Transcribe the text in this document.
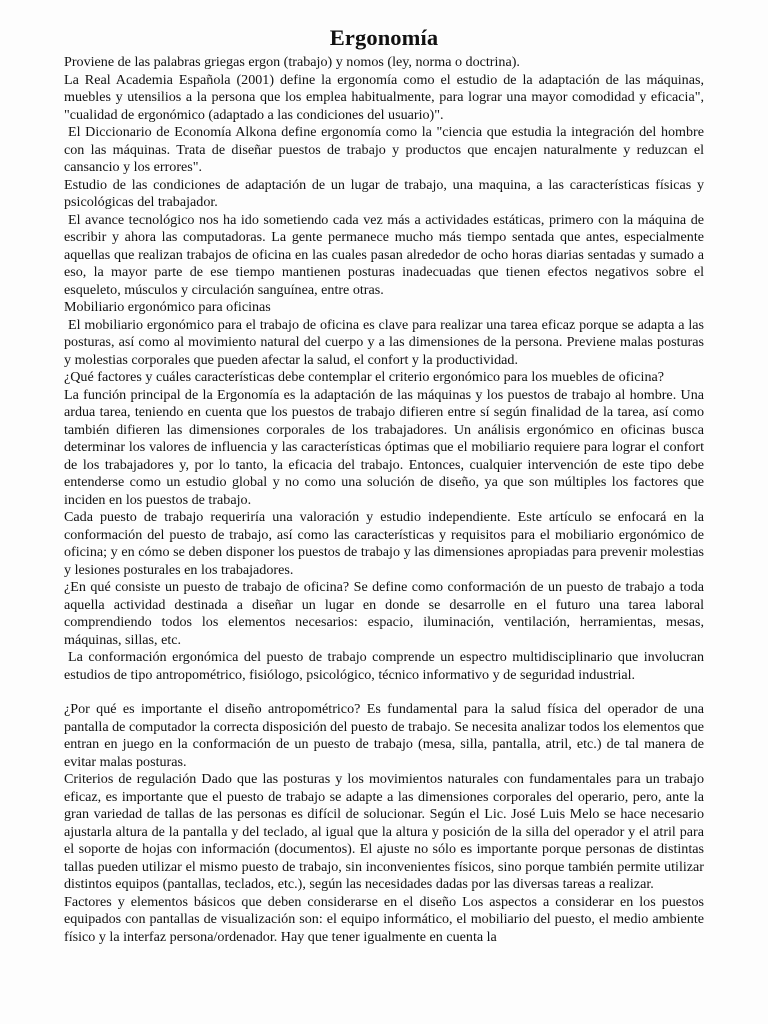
Ergonomía

Proviene de las palabras griegas ergon (trabajo) y nomos (ley, norma o doctrina).

La Real Academia Española (2001) define la ergonomía como el estudio de la adaptación de las máquinas, muebles y utensilios a la persona que los emplea habitualmente, para lograr una mayor comodidad y eficacia", "cualidad de ergonómico (adaptado a las condiciones del usuario)".

El Diccionario de Economía Alkona define ergonomía como la "ciencia que estudia la integración del hombre con las máquinas. Trata de diseñar puestos de trabajo y productos que encajen naturalmente y reduzcan el cansancio y los errores".

Estudio de las condiciones de adaptación de un lugar de trabajo, una maquina, a las características físicas y psicológicas del trabajador.

El avance tecnológico nos ha ido sometiendo cada vez más a actividades estáticas, primero con la máquina de escribir y ahora las computadoras. La gente permanece mucho más tiempo sentada que antes, especialmente aquellas que realizan trabajos de oficina en las cuales pasan alrededor de ocho horas diarias sentadas y sumado a eso, la mayor parte de ese tiempo mantienen posturas inadecuadas que tienen efectos negativos sobre el esqueleto, músculos y circulación sanguínea, entre otras.

Mobiliario ergonómico para oficinas

El mobiliario ergonómico para el trabajo de oficina es clave para realizar una tarea eficaz porque se adapta a las posturas, así como al movimiento natural del cuerpo y a las dimensiones de la persona. Previene malas posturas y molestias corporales que pueden afectar la salud, el confort y la productividad.

¿Qué factores y cuáles características debe contemplar el criterio ergonómico para los muebles de oficina?

La función principal de la Ergonomía es la adaptación de las máquinas y los puestos de trabajo al hombre. Una ardua tarea, teniendo en cuenta que los puestos de trabajo difieren entre sí según finalidad de la tarea, así como también difieren las dimensiones corporales de los trabajadores. Un análisis ergonómico en oficinas busca determinar los valores de influencia y las características óptimas que el mobiliario requiere para lograr el confort de los trabajadores y, por lo tanto, la eficacia del trabajo. Entonces, cualquier intervención de este tipo debe entenderse como un estudio global y no como una solución de diseño, ya que son múltiples los factores que inciden en los puestos de trabajo.

Cada puesto de trabajo requeriría una valoración y estudio independiente. Este artículo se enfocará en la conformación del puesto de trabajo, así como las características y requisitos para el mobiliario ergonómico de oficina; y en cómo se deben disponer los puestos de trabajo y las dimensiones apropiadas para prevenir molestias y lesiones posturales en los trabajadores.

¿En qué consiste un puesto de trabajo de oficina? Se define como conformación de un puesto de trabajo a toda aquella actividad destinada a diseñar un lugar en donde se desarrolle en el futuro una tarea laboral comprendiendo todos los elementos necesarios: espacio, iluminación, ventilación, herramientas, mesas, máquinas, sillas, etc.

La conformación ergonómica del puesto de trabajo comprende un espectro multidisciplinario que involucran estudios de tipo antropométrico, fisiólogo, psicológico, técnico informativo y de seguridad industrial.

¿Por qué es importante el diseño antropométrico? Es fundamental para la salud física del operador de una pantalla de computador la correcta disposición del puesto de trabajo. Se necesita analizar todos los elementos que entran en juego en la conformación de un puesto de trabajo (mesa, silla, pantalla, atril, etc.) de tal manera de evitar malas posturas.

Criterios de regulación Dado que las posturas y los movimientos naturales con fundamentales para un trabajo eficaz, es importante que el puesto de trabajo se adapte a las dimensiones corporales del operario, pero, ante la gran variedad de tallas de las personas es difícil de solucionar. Según el Lic. José Luis Melo se hace necesario ajustarla altura de la pantalla y del teclado, al igual que la altura y posición de la silla del operador y el atril para el soporte de hojas con información (documentos). El ajuste no sólo es importante porque personas de distintas tallas pueden utilizar el mismo puesto de trabajo, sin inconvenientes físicos, sino porque también permite utilizar distintos equipos (pantallas, teclados, etc.), según las necesidades dadas por las diversas tareas a realizar.

Factores y elementos básicos que deben considerarse en el diseño Los aspectos a considerar en los puestos equipados con pantallas de visualización son: el equipo informático, el mobiliario del puesto, el medio ambiente físico y la interfaz persona/ordenador. Hay que tener igualmente en cuenta la
